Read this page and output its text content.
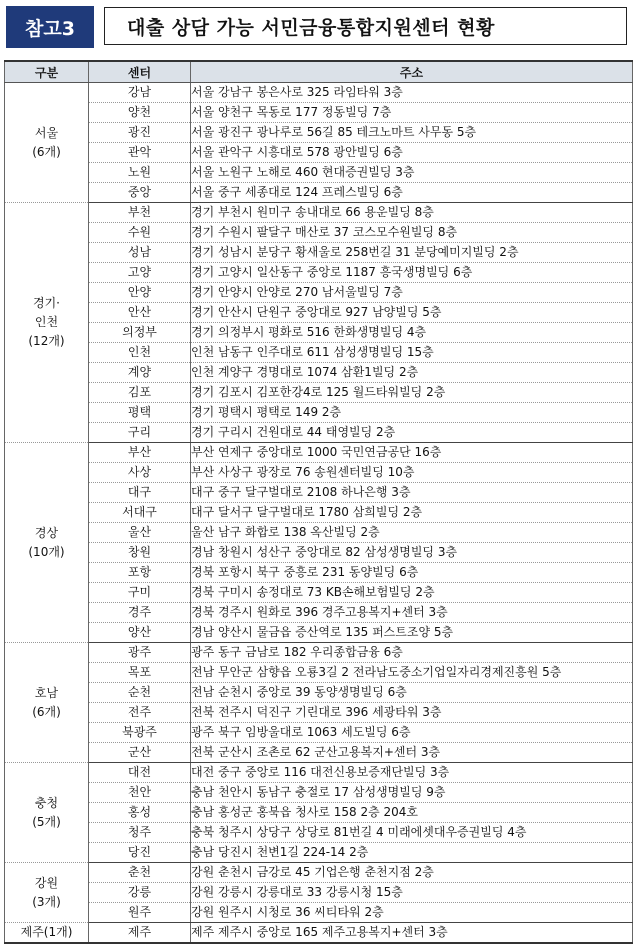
참고3	대출 상담 가능 서민금융통합지원센터 현황
구분	센터	주소

서울
(6개)	강남	서울 강남구 봉은사로 325 라임타워 3층
	양천	서울 양천구 목동로 177 정동빌딩 7층
	광진	서울 광진구 광나루로 56길 85 테크노마트 사무동 5층
	관악	서울 관악구 시흥대로 578 광안빌딩 6층
	노원	서울 노원구 노해로 460 현대증권빌딩 3층
	중앙	서울 중구 세종대로 124 프레스빌딩 6층

경기·
인천
(12개)	부천	경기 부천시 원미구 송내대로 66 용운빌딩 8층
	수원	경기 수원시 팔달구 매산로 37 코스모수원빌딩 8층
	성남	경기 성남시 분당구 황새울로 258번길 31 분당예미지빌딩 2층
	고양	경기 고양시 일산동구 중앙로 1187 흥국생명빌딩 6층
	안양	경기 안양시 안양로 270 남서울빌딩 7층
	안산	경기 안산시 단원구 중앙대로 927 남양빌딩 5층
	의정부	경기 의정부시 평화로 516 한화생명빌딩 4층
	인천	인천 남동구 인주대로 611 삼성생명빌딩 15층
	계양	인천 계양구 경명대로 1074 삼환1빌딩 2층
	김포	경기 김포시 김포한강4로 125 월드타워빌딩 2층
	평택	경기 평택시 평택로 149 2층
	구리	경기 구리시 건원대로 44 태영빌딩 2층

경상
(10개)	부산	부산 연제구 중앙대로 1000 국민연금공단 16층
	사상	부산 사상구 광장로 76 송원센터빌딩 10층
	대구	대구 중구 달구벌대로 2108 하나은행 3층
	서대구	대구 달서구 달구벌대로 1780 삼희빌딩 2층
	울산	울산 남구 화합로 138 옥산빌딩 2층
	창원	경남 창원시 성산구 중앙대로 82 삼성생명빌딩 3층
	포항	경북 포항시 북구 중흥로 231 동양빌딩 6층
	구미	경북 구미시 송정대로 73 KB손해보험빌딩 2층
	경주	경북 경주시 원화로 396 경주고용복지+센터 3층
	양산	경남 양산시 물금읍 증산역로 135 퍼스트조양 5층

호남
(6개)	광주	광주 동구 금남로 182 우리종합금융 6층
	목포	전남 무안군 삼향읍 오룡3길 2 전라남도중소기업일자리경제진흥원 5층
	순천	전남 순천시 중앙로 39 동양생명빌딩 6층
	전주	전북 전주시 덕진구 기린대로 396 세광타워 3층
	북광주	광주 북구 임방울대로 1063 세도빌딩 6층
	군산	전북 군산시 조촌로 62 군산고용복지+센터 3층

충청
(5개)	대전	대전 중구 중앙로 116 대전신용보증재단빌딩 3층
	천안	충남 천안시 동남구 충절로 17 삼성생명빌딩 9층
	홍성	충남 홍성군 홍북읍 청사로 158 2층 204호
	청주	충북 청주시 상당구 상당로 81번길 4 미래에셋대우증권빌딩 4층
	당진	충남 당진시 천변1길 224-14 2층

강원
(3개)	춘천	강원 춘천시 금강로 45 기업은행 춘천지점 2층
	강릉	강원 강릉시 강릉대로 33 강릉시청 15층
	원주	강원 원주시 시청로 36 씨티타워 2층

제주(1개)	제주	제주 제주시 중앙로 165 제주고용복지+센터 3층
